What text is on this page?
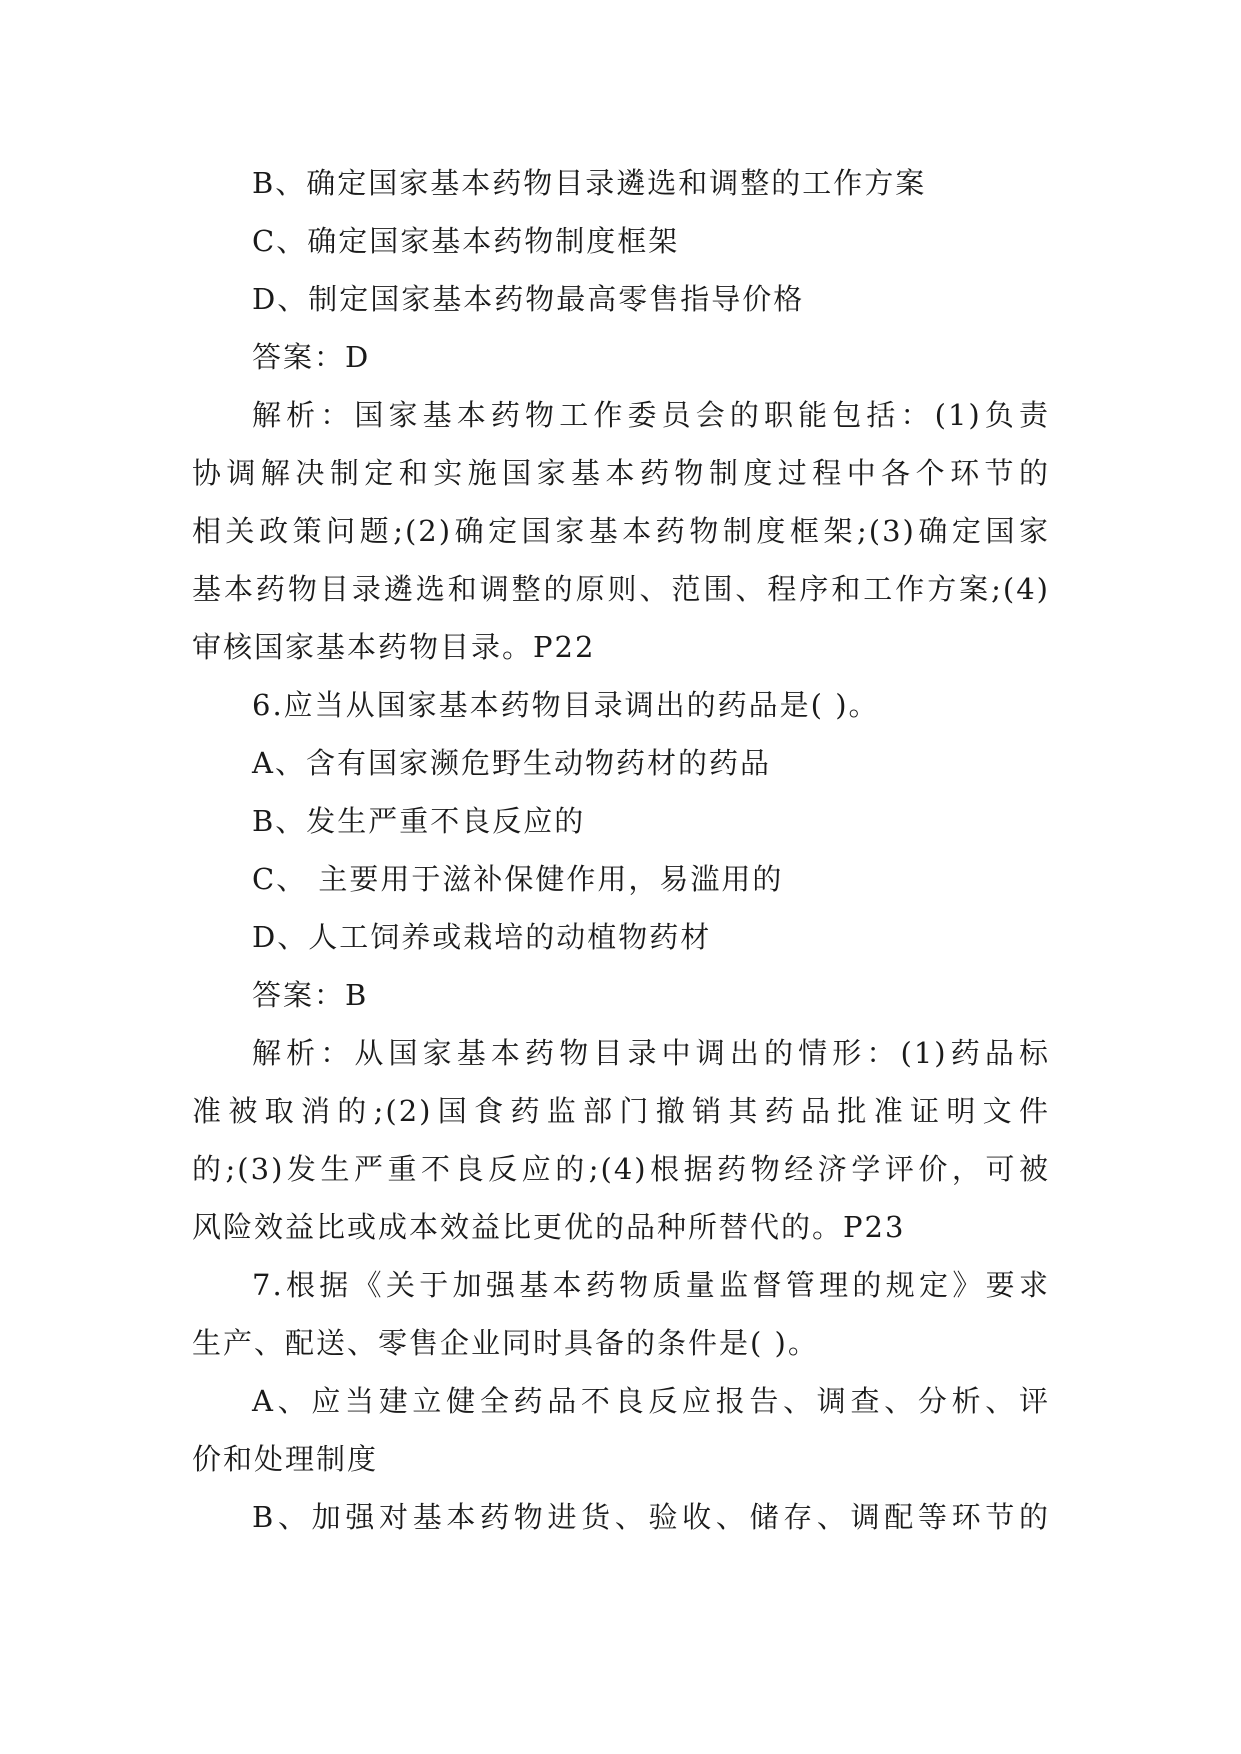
B、确定国家基本药物目录遴选和调整的工作方案
C、确定国家基本药物制度框架
D、制定国家基本药物最高零售指导价格
答案：D
解析：国家基本药物工作委员会的职能包括：(1)负责
协调解决制定和实施国家基本药物制度过程中各个环节的
相关政策问题;(2)确定国家基本药物制度框架;(3)确定国家
基本药物目录遴选和调整的原则、范围、程序和工作方案;(4)
审核国家基本药物目录。P22
6.应当从国家基本药物目录调出的药品是( )。
A、含有国家濒危野生动物药材的药品
B、发生严重不良反应的
C、 主要用于滋补保健作用，易滥用的
D、人工饲养或栽培的动植物药材
答案：B
解析：从国家基本药物目录中调出的情形：(1)药品标
准被取消的;(2)国食药监部门撤销其药品批准证明文件
的;(3)发生严重不良反应的;(4)根据药物经济学评价，可被
风险效益比或成本效益比更优的品种所替代的。P23
7.根据《关于加强基本药物质量监督管理的规定》要求
生产、配送、零售企业同时具备的条件是( )。
A、应当建立健全药品不良反应报告、调查、分析、评
价和处理制度
B、加强对基本药物进货、验收、储存、调配等环节的
